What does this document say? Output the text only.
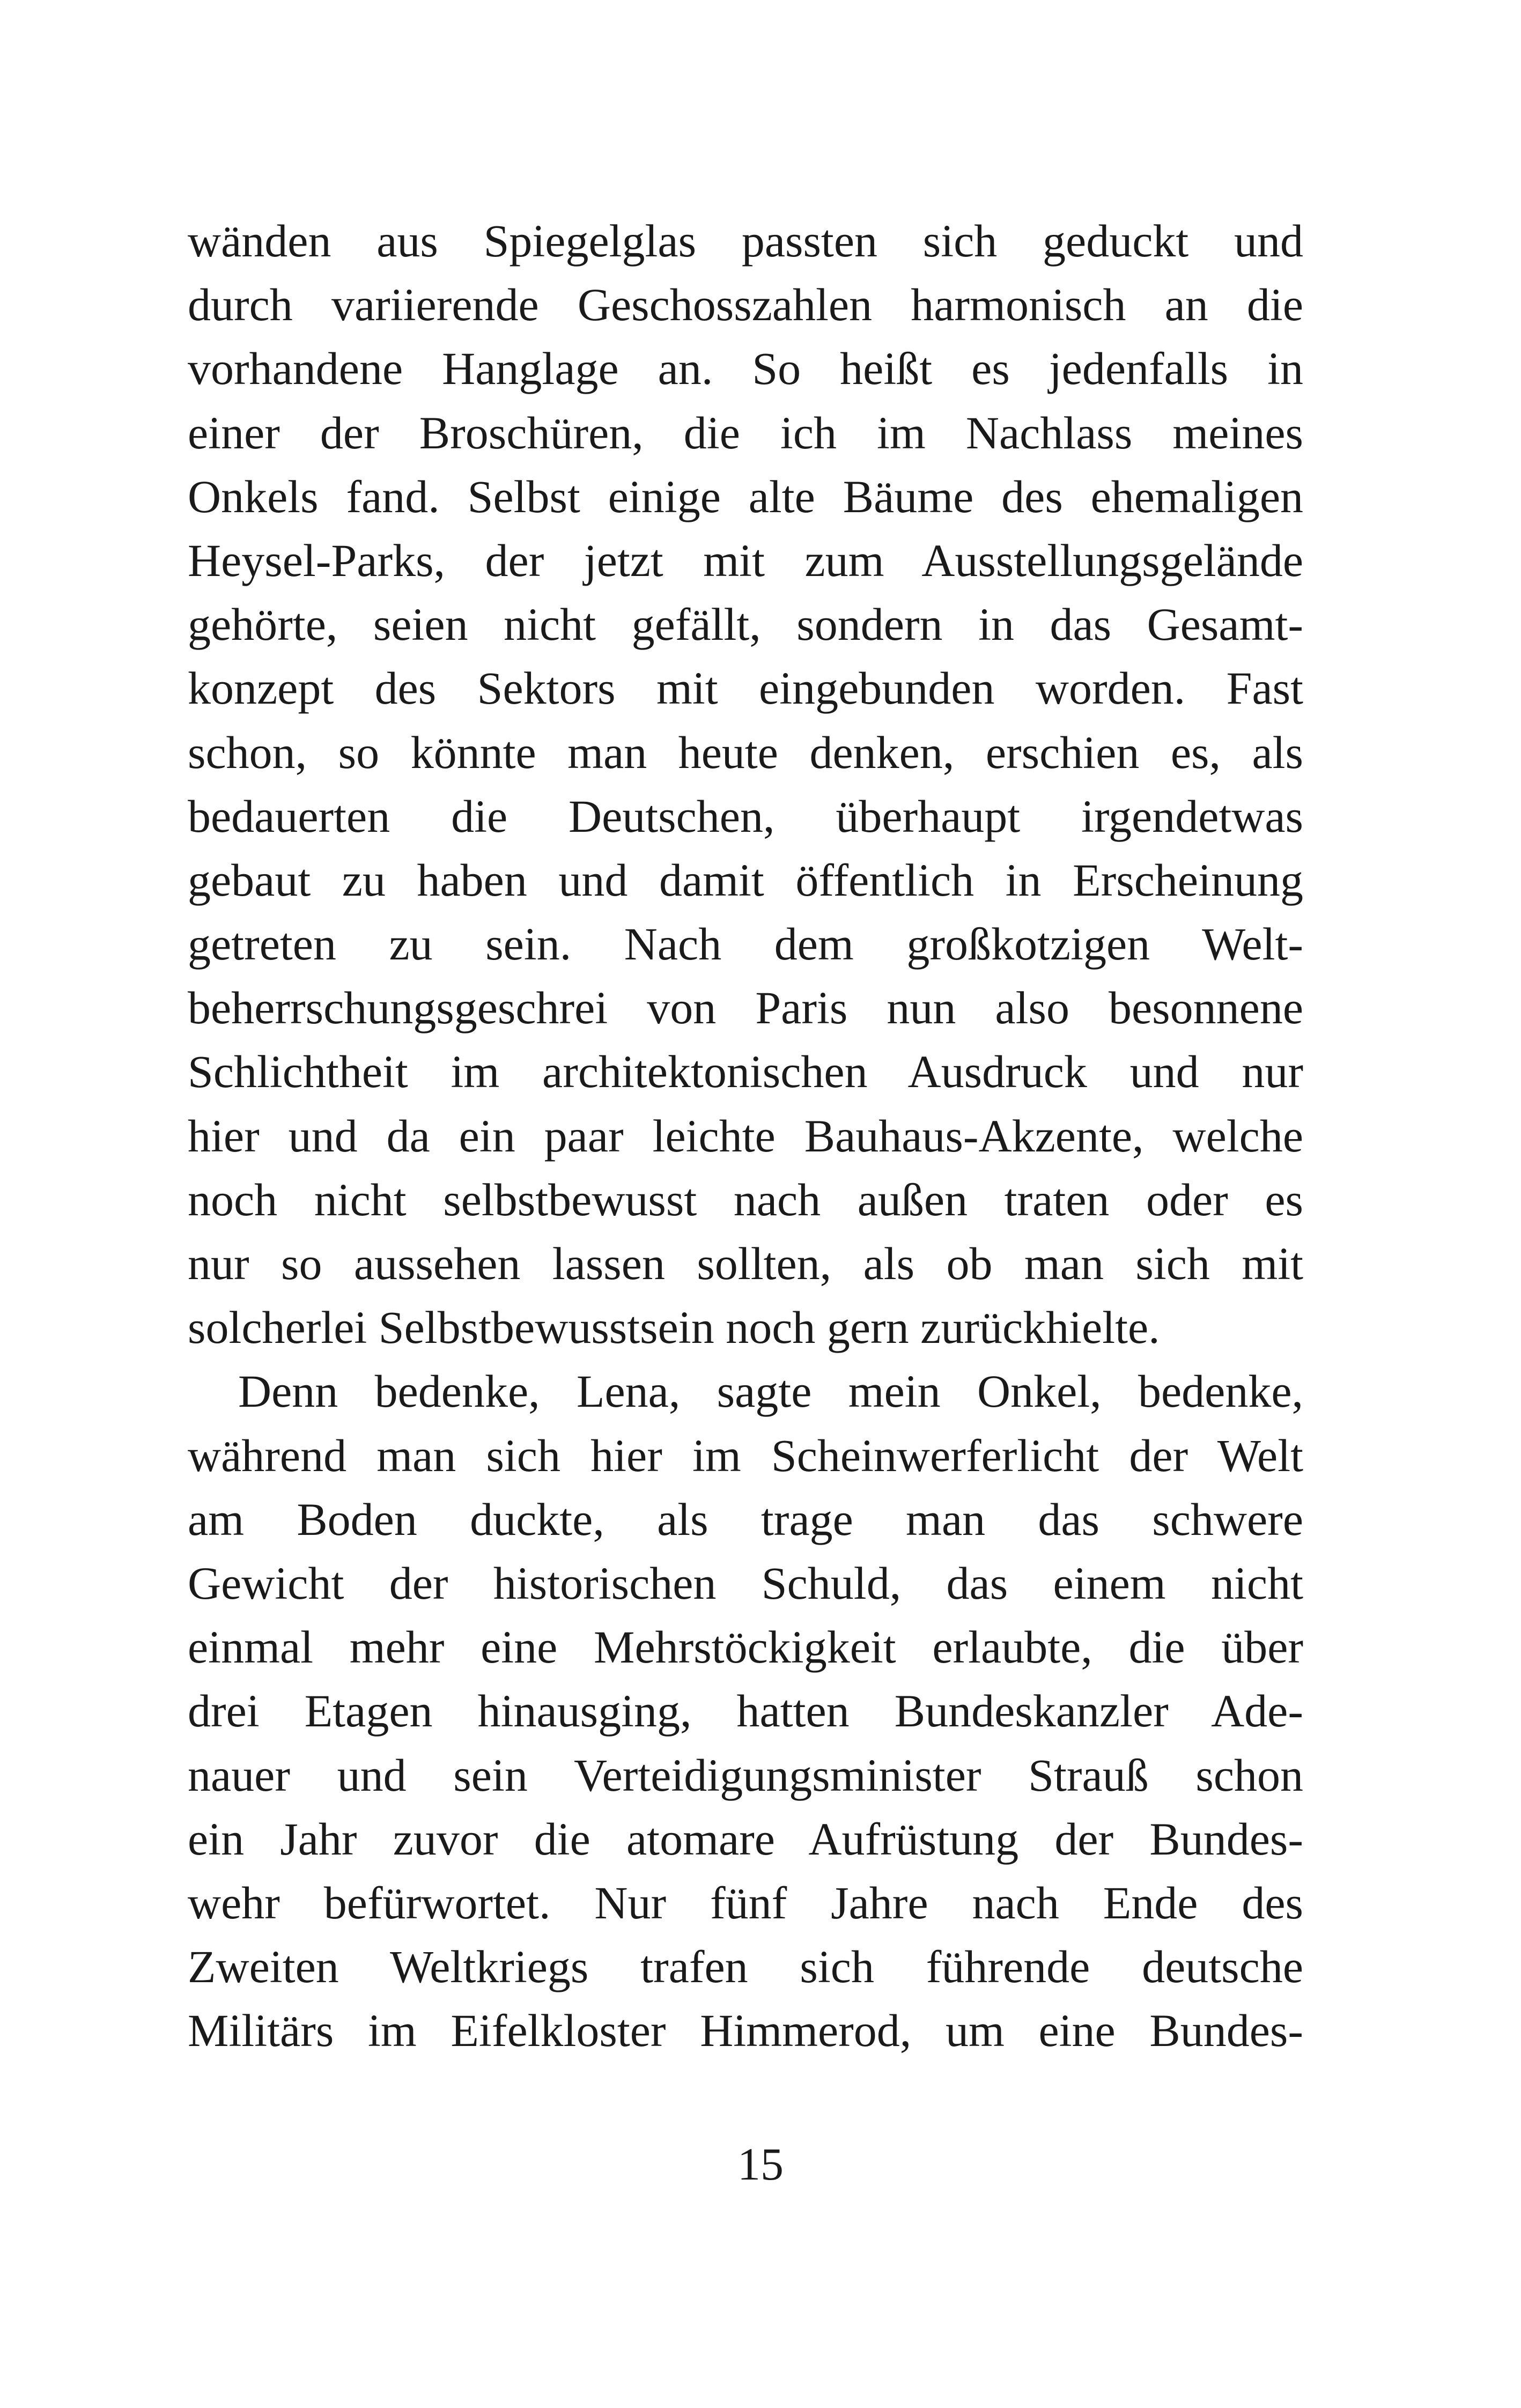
wänden aus Spiegelglas passten sich geduckt und
durch variierende Geschosszahlen harmonisch an die
vorhandene Hanglage an. So heißt es jedenfalls in
einer der Broschüren, die ich im Nachlass meines
Onkels fand. Selbst einige alte Bäume des ehemaligen
Heysel-Parks, der jetzt mit zum Ausstellungsgelände
gehörte, seien nicht gefällt, sondern in das Gesamt-
konzept des Sektors mit eingebunden worden. Fast
schon, so könnte man heute denken, erschien es, als
bedauerten die Deutschen, überhaupt irgendetwas
gebaut zu haben und damit öffentlich in Erscheinung
getreten zu sein. Nach dem großkotzigen Welt-
beherrschungsgeschrei von Paris nun also besonnene
Schlichtheit im architektonischen Ausdruck und nur
hier und da ein paar leichte Bauhaus-Akzente, welche
noch nicht selbstbewusst nach außen traten oder es
nur so aussehen lassen sollten, als ob man sich mit
solcherlei Selbstbewusstsein noch gern zurückhielte.

Denn bedenke, Lena, sagte mein Onkel, bedenke,
während man sich hier im Scheinwerferlicht der Welt
am Boden duckte, als trage man das schwere
Gewicht der historischen Schuld, das einem nicht
einmal mehr eine Mehrstöckigkeit erlaubte, die über
drei Etagen hinausging, hatten Bundeskanzler Ade-
nauer und sein Verteidigungsminister Strauß schon
ein Jahr zuvor die atomare Aufrüstung der Bundes-
wehr befürwortet. Nur fünf Jahre nach Ende des
Zweiten Weltkriegs trafen sich führende deutsche
Militärs im Eifelkloster Himmerod, um eine Bundes-

15
